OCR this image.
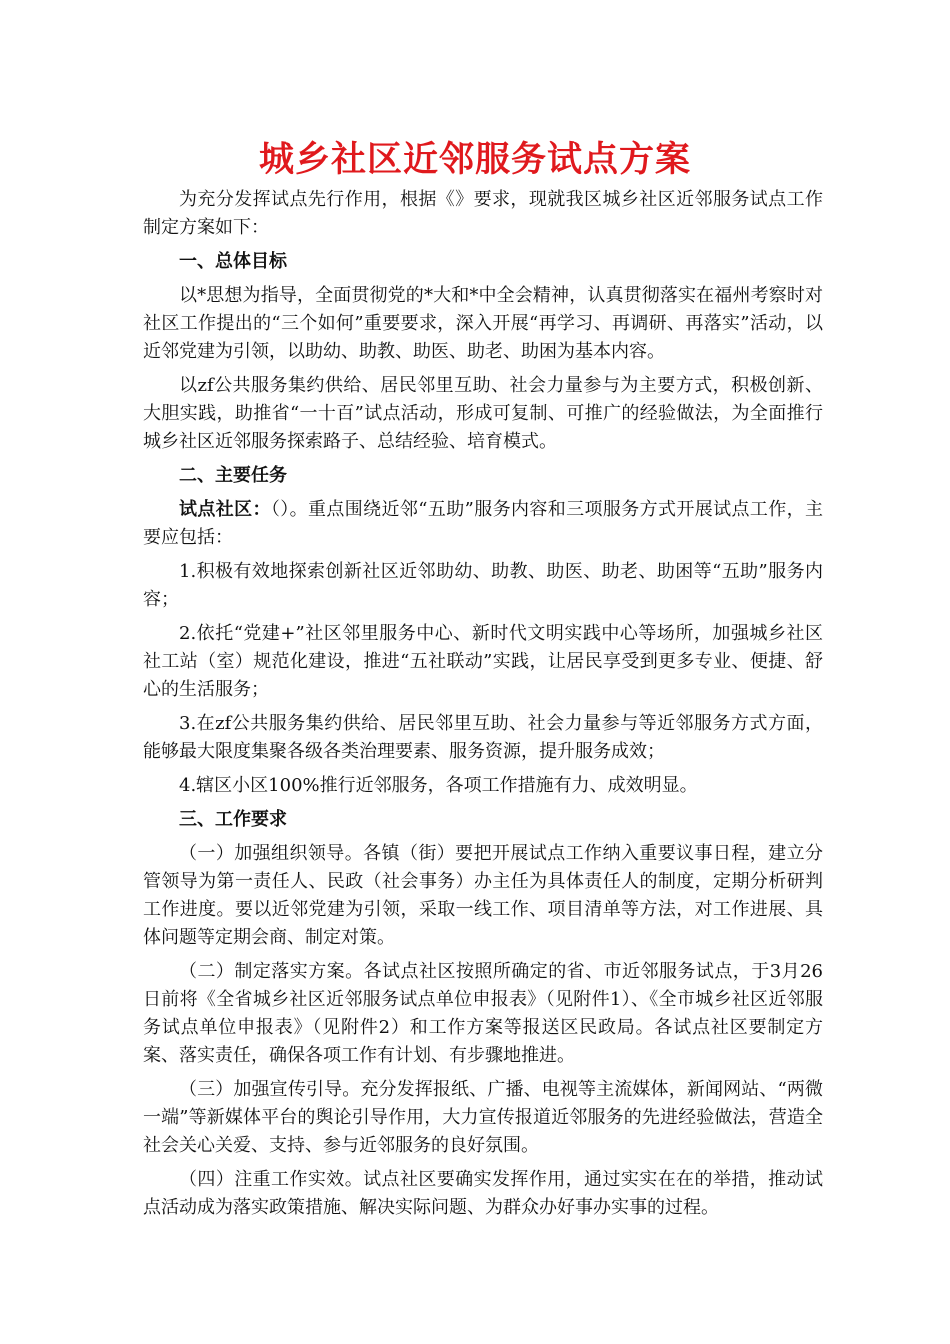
城乡社区近邻服务试点方案

为充分发挥试点先行作用，根据《》要求，现就我区城乡社区近邻服务试点工作制定方案如下：

一、总体目标

以*思想为指导，全面贯彻党的*大和*中全会精神，认真贯彻落实在福州考察时对社区工作提出的“三个如何”重要要求，深入开展“再学习、再调研、再落实”活动，以近邻党建为引领，以助幼、助教、助医、助老、助困为基本内容。

以zf公共服务集约供给、居民邻里互助、社会力量参与为主要方式，积极创新、大胆实践，助推省“一十百”试点活动，形成可复制、可推广的经验做法，为全面推行城乡社区近邻服务探索路子、总结经验、培育模式。

二、主要任务

试点社区：（）。重点围绕近邻“五助”服务内容和三项服务方式开展试点工作，主要应包括：

1.积极有效地探索创新社区近邻助幼、助教、助医、助老、助困等“五助”服务内容；

2.依托“党建+”社区邻里服务中心、新时代文明实践中心等场所，加强城乡社区社工站（室）规范化建设，推进“五社联动”实践，让居民享受到更多专业、便捷、舒心的生活服务；

3.在zf公共服务集约供给、居民邻里互助、社会力量参与等近邻服务方式方面，能够最大限度集聚各级各类治理要素、服务资源，提升服务成效；

4.辖区小区100%推行近邻服务，各项工作措施有力、成效明显。

三、工作要求

（一）加强组织领导。各镇（街）要把开展试点工作纳入重要议事日程，建立分管领导为第一责任人、民政（社会事务）办主任为具体责任人的制度，定期分析研判工作进度。要以近邻党建为引领，采取一线工作、项目清单等方法，对工作进展、具体问题等定期会商、制定对策。

（二）制定落实方案。各试点社区按照所确定的省、市近邻服务试点，于3月26日前将《全省城乡社区近邻服务试点单位申报表》（见附件1）、《全市城乡社区近邻服务试点单位申报表》（见附件2）和工作方案等报送区民政局。各试点社区要制定方案、落实责任，确保各项工作有计划、有步骤地推进。

（三）加强宣传引导。充分发挥报纸、广播、电视等主流媒体，新闻网站、“两微一端”等新媒体平台的舆论引导作用，大力宣传报道近邻服务的先进经验做法，营造全社会关心关爱、支持、参与近邻服务的良好氛围。

（四）注重工作实效。试点社区要确实发挥作用，通过实实在在的举措，推动试点活动成为落实政策措施、解决实际问题、为群众办好事办实事的过程。
